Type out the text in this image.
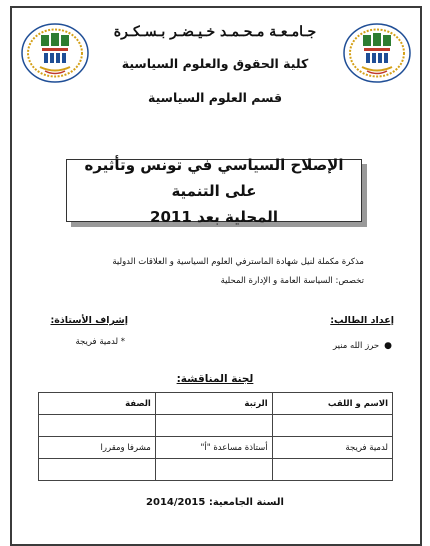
جـامـعـة مـحـمـد خـيـضـر بـسـكـرة
كلية الحقوق والعلوم السياسية
قسم العلوم السياسية
الإصلاح السياسي في تونس وتأثيره على التنمية
المحلية بعد 2011
مذكرة مكملة لنيل شهادة الماسترفي العلوم السياسية و العلاقات الدولية
تخصص: السياسة العامة و الإدارة المحلية
إعداد الطالب:
إشراف الأستاذة:
●حرز الله منير
* لدمية فريجة
لجنة المناقشة:
الاسم و اللقب	الرتبة	الصفة

لدمية فريجة	أستاذة مساعدة "أ"	مشرفا ومقررا

السنة الجامعية: 2014/2015
